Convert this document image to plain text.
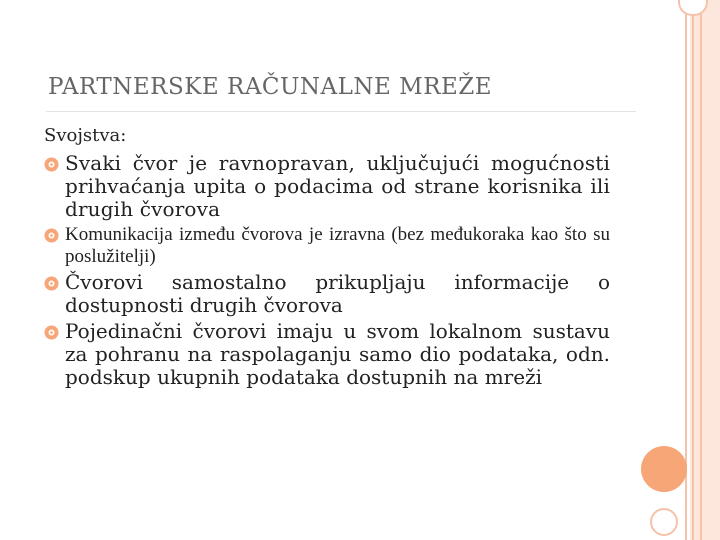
PARTNERSKE RAČUNALNE MREŽE

Svojstva:

Svaki čvor je ravnopravan, uključujući mogućnosti prihvaćanja upita o podacima od strane korisnika ili drugih čvorova
Komunikacija između čvorova je izravna (bez međukoraka kao što su poslužitelji)
Čvorovi samostalno prikupljaju informacije o dostupnosti drugih čvorova
Pojedinačni čvorovi imaju u svom lokalnom sustavu za pohranu na raspolaganju samo dio podataka, odn. podskup ukupnih podataka dostupnih na mreži
